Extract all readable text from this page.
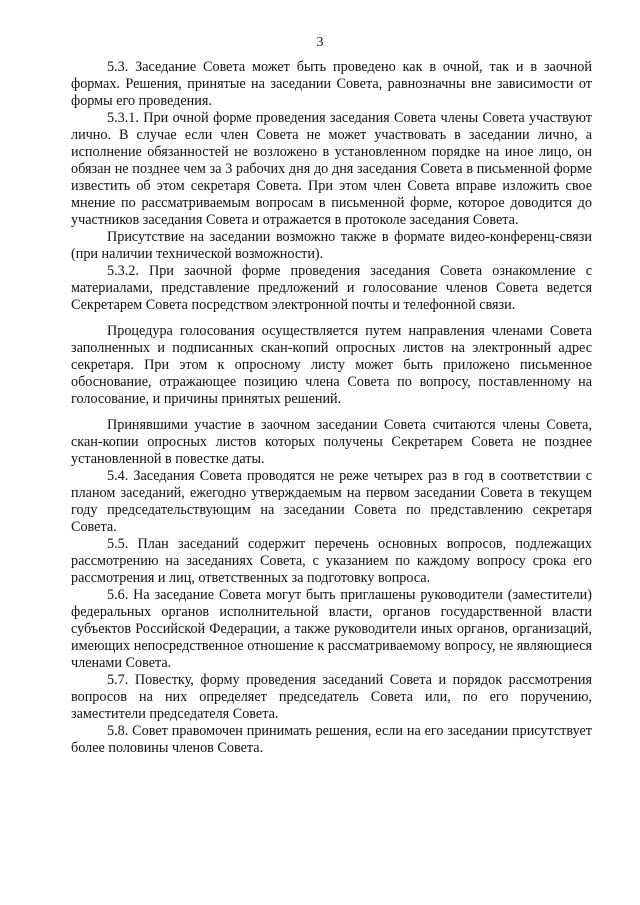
3

5.3. Заседание Совета может быть проведено как в очной, так и в заочной формах. Решения, принятые на заседании Совета, равнозначны вне зависимости от формы его проведения.

5.3.1. При очной форме проведения заседания Совета члены Совета участвуют лично. В случае если член Совета не может участвовать в заседании лично, а исполнение обязанностей не возложено в установленном порядке на иное лицо, он обязан не позднее чем за 3 рабочих дня до дня заседания Совета в письменной форме известить об этом секретаря Совета. При этом член Совета вправе изложить свое мнение по рассматриваемым вопросам в письменной форме, которое доводится до участников заседания Совета и отражается в протоколе заседания Совета.

Присутствие на заседании возможно также в формате видео-конференц-связи (при наличии технической возможности).

5.3.2. При заочной форме проведения заседания Совета ознакомление с материалами, представление предложений и голосование членов Совета ведется Секретарем Совета посредством электронной почты и телефонной связи.

Процедура голосования осуществляется путем направления членами Совета заполненных и подписанных скан-копий опросных листов на электронный адрес секретаря. При этом к опросному листу может быть приложено письменное обоснование, отражающее позицию члена Совета по вопросу, поставленному на голосование, и причины принятых решений.

Принявшими участие в заочном заседании Совета считаются члены Совета, скан-копии опросных листов которых получены Секретарем Совета не позднее установленной в повестке даты.

5.4. Заседания Совета проводятся не реже четырех раз в год в соответствии с планом заседаний, ежегодно утверждаемым на первом заседании Совета в текущем году председательствующим на заседании Совета по представлению секретаря Совета.

5.5. План заседаний содержит перечень основных вопросов, подлежащих рассмотрению на заседаниях Совета, с указанием по каждому вопросу срока его рассмотрения и лиц, ответственных за подготовку вопроса.

5.6. На заседание Совета могут быть приглашены руководители (заместители) федеральных органов исполнительной власти, органов государственной власти субъектов Российской Федерации, а также руководители иных органов, организаций, имеющих непосредственное отношение к рассматриваемому вопросу, не являющиеся членами Совета.

5.7. Повестку, форму проведения заседаний Совета и порядок рассмотрения вопросов на них определяет председатель Совета или, по его поручению, заместители председателя Совета.

5.8. Совет правомочен принимать решения, если на его заседании присутствует более половины членов Совета.
